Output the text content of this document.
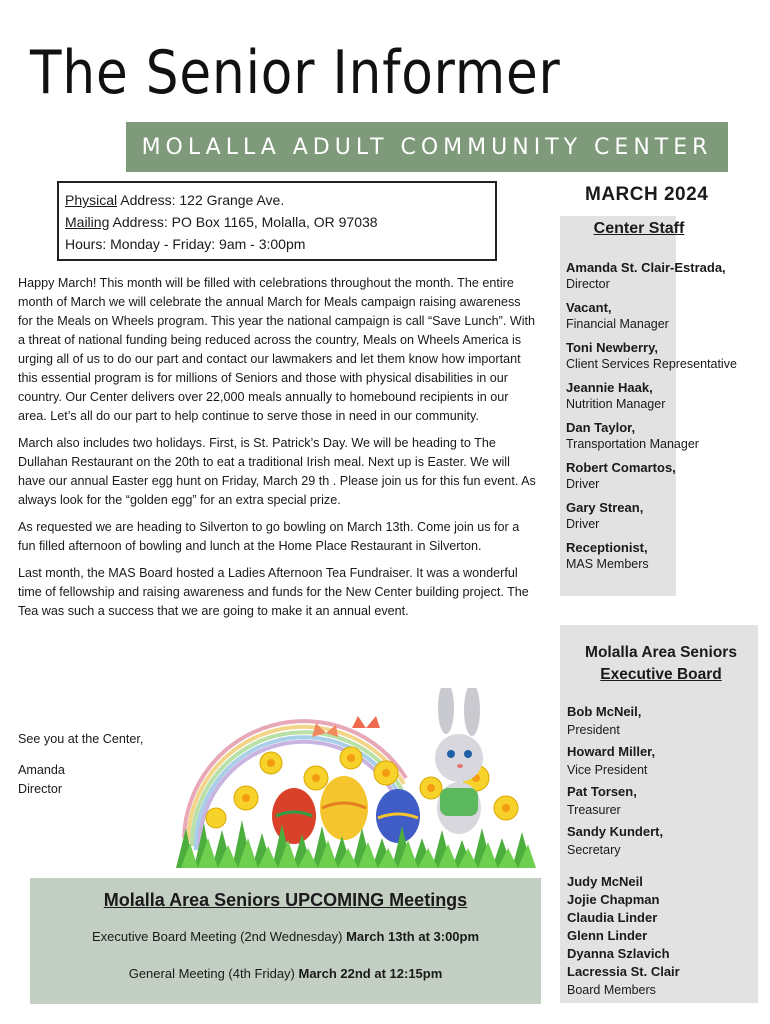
The Senior Informer
MOLALLA ADULT COMMUNITY CENTER
Physical Address: 122 Grange Ave.
Mailing Address: PO Box 1165, Molalla, OR 97038
Hours: Monday - Friday: 9am - 3:00pm

Happy March! This month will be filled with celebrations throughout the month. The entire month of March we will celebrate the annual March for Meals campaign raising awareness for the Meals on Wheels program. This year the national campaign is call “Save Lunch”. With a threat of national funding being reduced across the country, Meals on Wheels America is urging all of us to do our part and contact our lawmakers and let them know how important this essential program is for millions of Seniors and those with physical disabilities in our country. Our Center delivers over 22,000 meals annually to homebound recipients in our area. Let’s all do our part to help continue to serve those in need in our community.

March also includes two holidays. First, is St. Patrick’s Day. We will be heading to The Dullahan Restaurant on the 20th to eat a traditional Irish meal. Next up is Easter. We will have our annual Easter egg hunt on Friday, March 29 th . Please join us for this fun event. As always look for the “golden egg” for an extra special prize.

As requested we are heading to Silverton to go bowling on March 13th. Come join us for a fun filled afternoon of bowling and lunch at the Home Place Restaurant in Silverton.

Last month, the MAS Board hosted a Ladies Afternoon Tea Fundraiser. It was a wonderful time of fellowship and raising awareness and funds for the New Center building project. The Tea was such a success that we are going to make it an annual event.

See you at the Center,

Amanda

Director

Molalla Area Seniors UPCOMING Meetings
Executive Board Meeting (2nd Wednesday) March 13th at 3:00pm
General Meeting (4th Friday) March 22nd at 12:15pm
MARCH 2024
Center Staff
Amanda St. Clair-Estrada,
Director
Vacant,
Financial Manager
Toni Newberry,
Client Services Representative
Jeannie Haak,
Nutrition Manager
Dan Taylor,
Transportation Manager
Robert Comartos,
Driver
Gary Strean,
Driver
Receptionist,
MAS Members
Molalla Area Seniors
Executive Board
Bob McNeil,
President
Howard Miller,
Vice President
Pat Torsen,
Treasurer
Sandy Kundert,
Secretary
Judy McNeil
Jojie Chapman
Claudia Linder
Glenn Linder
Dyanna Szlavich
Lacressia St. Clair
Board Members
